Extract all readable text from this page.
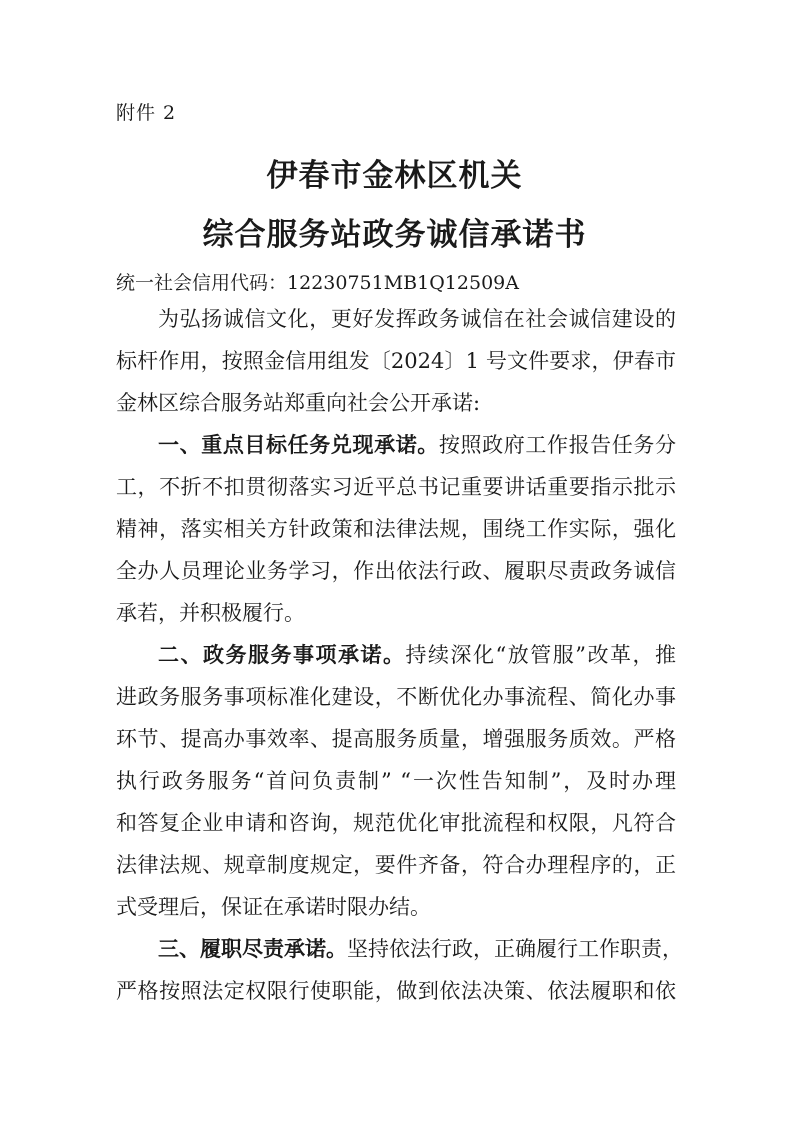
附件 2
伊春市金林区机关
综合服务站政务诚信承诺书
统一社会信用代码：12230751MB1Q12509A
为弘扬诚信文化，更好发挥政务诚信在社会诚信建设的
标杆作用，按照金信用组发〔2024〕1 号文件要求，伊春市
金林区综合服务站郑重向社会公开承诺:
一、重点目标任务兑现承诺。按照政府工作报告任务分
工，不折不扣贯彻落实习近平总书记重要讲话重要指示批示
精神，落实相关方针政策和法律法规，围绕工作实际，强化
全办人员理论业务学习，作出依法行政、履职尽责政务诚信
承若，并积极履行。
二、政务服务事项承诺。持续深化“放管服”改革，推
进政务服务事项标准化建设，不断优化办事流程、简化办事
环节、提高办事效率、提高服务质量，增强服务质效。严格
执行政务服务“首问负责制” “一次性告知制”，及时办理
和答复企业申请和咨询，规范优化审批流程和权限，凡符合
法律法规、规章制度规定，要件齐备，符合办理程序的，正
式受理后，保证在承诺时限办结。
三、履职尽责承诺。坚持依法行政，正确履行工作职责，
严格按照法定权限行使职能，做到依法决策、依法履职和依
